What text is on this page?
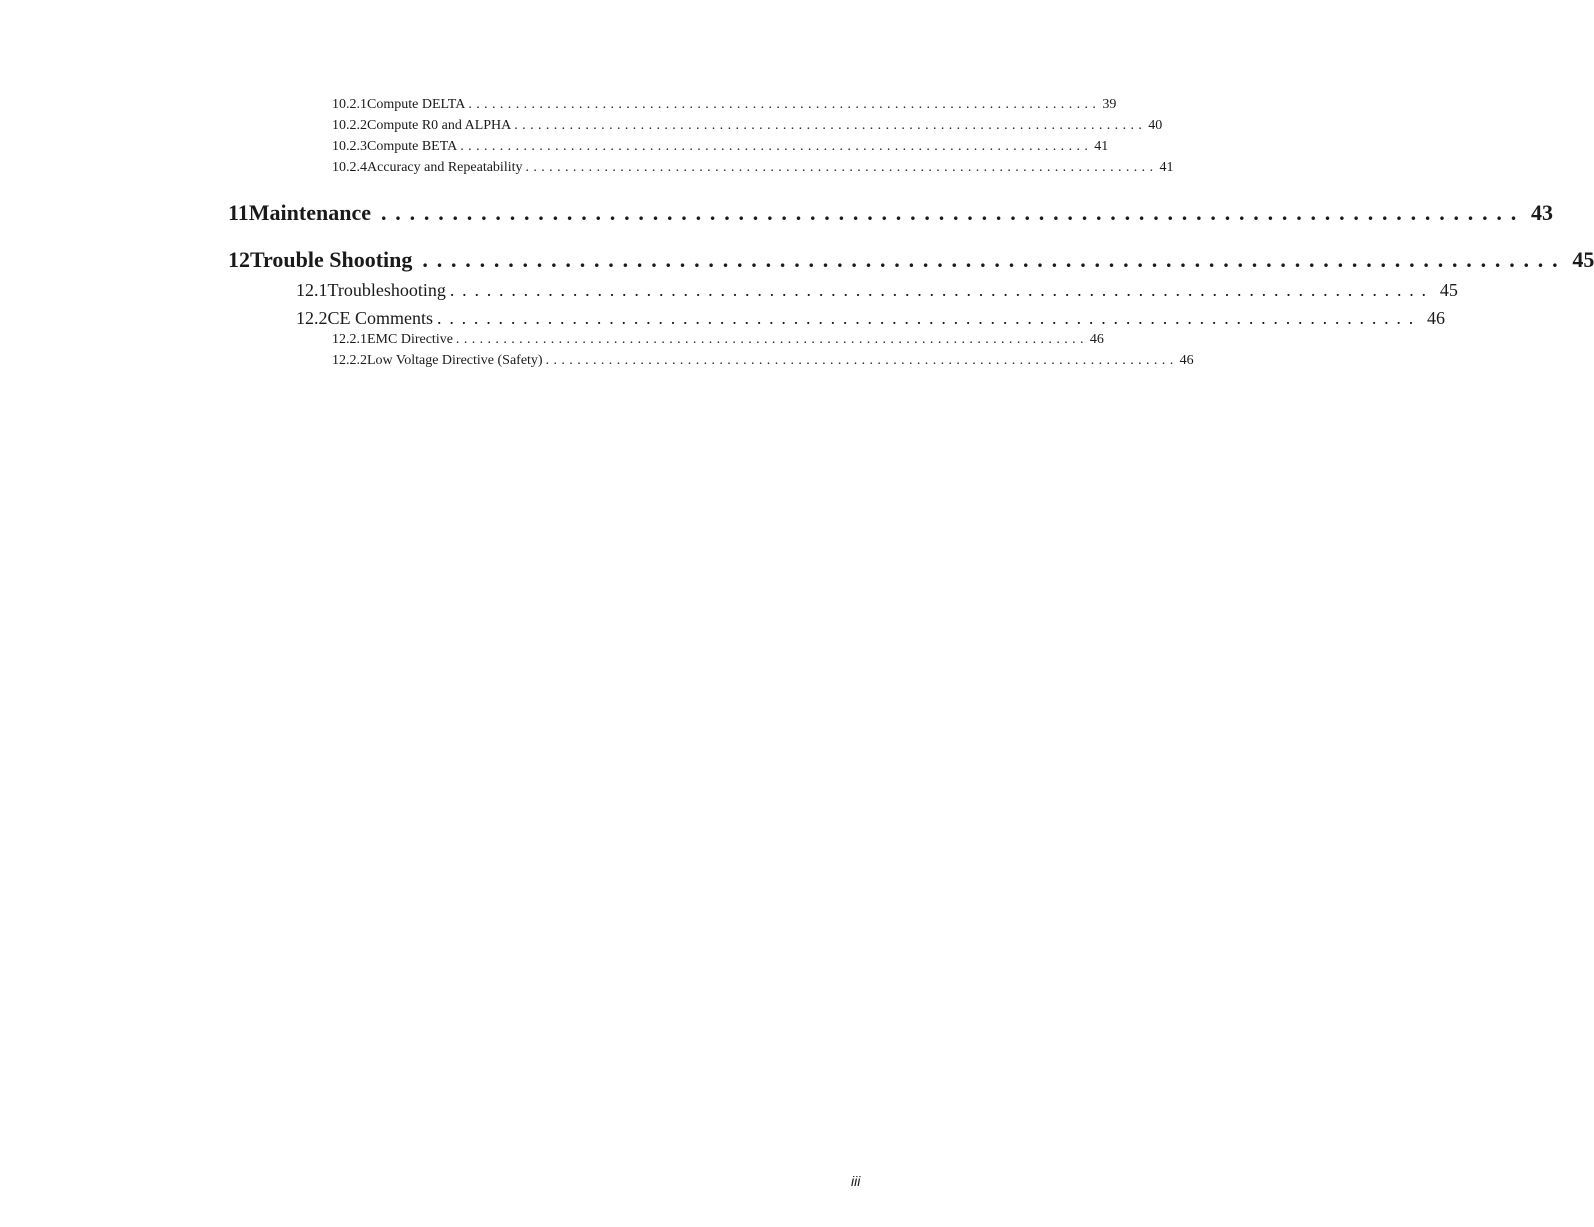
10.2.1 Compute DELTA ................................................................................ 39
10.2.2 Compute R0 and ALPHA ................................................................................ 40
10.2.3 Compute BETA ................................................................................ 41
10.2.4 Accuracy and Repeatability ................................................................................ 41
11 Maintenance ................................................................................ 43
12 Trouble Shooting ................................................................................ 45
12.1 Troubleshooting ................................................................................ 45
12.2 CE Comments ................................................................................ 46
12.2.1 EMC Directive ................................................................................ 46
12.2.2 Low Voltage Directive (Safety) ................................................................................ 46
iii
